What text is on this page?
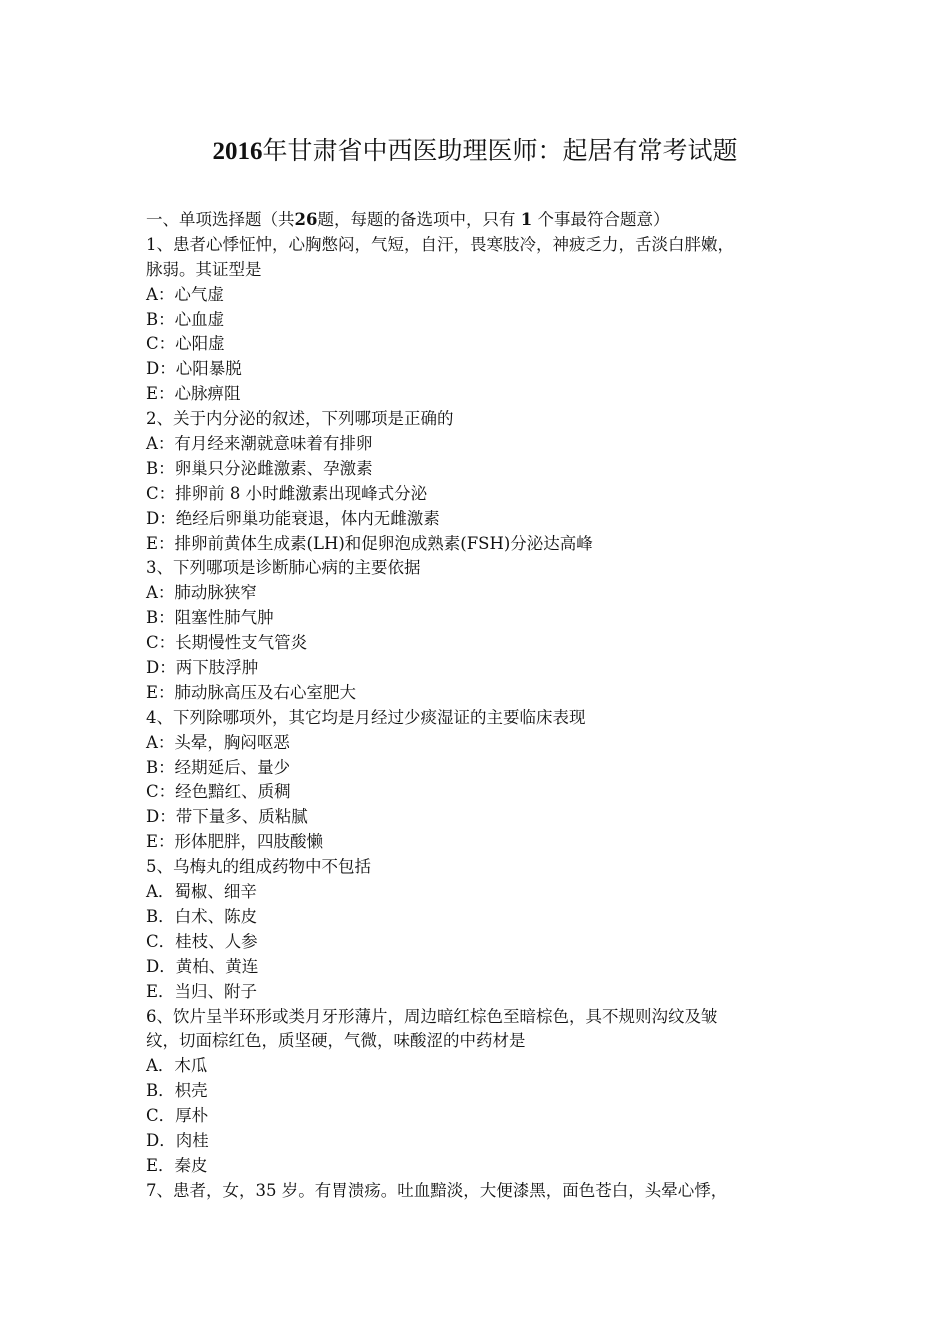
2016年甘肃省中西医助理医师：起居有常考试题
一、单项选择题（共26题，每题的备选项中，只有 1 个事最符合题意）
1、患者心悸怔忡，心胸憋闷，气短，自汗，畏寒肢冷，神疲乏力，舌淡白胖嫩，
脉弱。其证型是
A：心气虚
B：心血虚
C：心阳虚
D：心阳暴脱
E：心脉痹阻
2、关于内分泌的叙述，下列哪项是正确的
A：有月经来潮就意味着有排卵
B：卵巢只分泌雌激素、孕激素
C：排卵前 8 小时雌激素出现峰式分泌
D：绝经后卵巢功能衰退，体内无雌激素
E：排卵前黄体生成素(LH)和促卵泡成熟素(FSH)分泌达高峰
3、下列哪项是诊断肺心病的主要依据
A：肺动脉狭窄
B：阻塞性肺气肿
C：长期慢性支气管炎
D：两下肢浮肿
E：肺动脉高压及右心室肥大
4、下列除哪项外，其它均是月经过少痰湿证的主要临床表现
A：头晕，胸闷呕恶
B：经期延后、量少
C：经色黯红、质稠
D：带下量多、质粘腻
E：形体肥胖，四肢酸懒
5、乌梅丸的组成药物中不包括
A．蜀椒、细辛
B．白术、陈皮
C．桂枝、人参
D．黄柏、黄连
E．当归、附子
6、饮片呈半环形或类月牙形薄片，周边暗红棕色至暗棕色，具不规则沟纹及皱
纹，切面棕红色，质坚硬，气微，味酸涩的中药材是
A．木瓜
B．枳壳
C．厚朴
D．肉桂
E．秦皮
7、患者，女，35 岁。有胃溃疡。吐血黯淡，大便漆黑，面色苍白，头晕心悸，
